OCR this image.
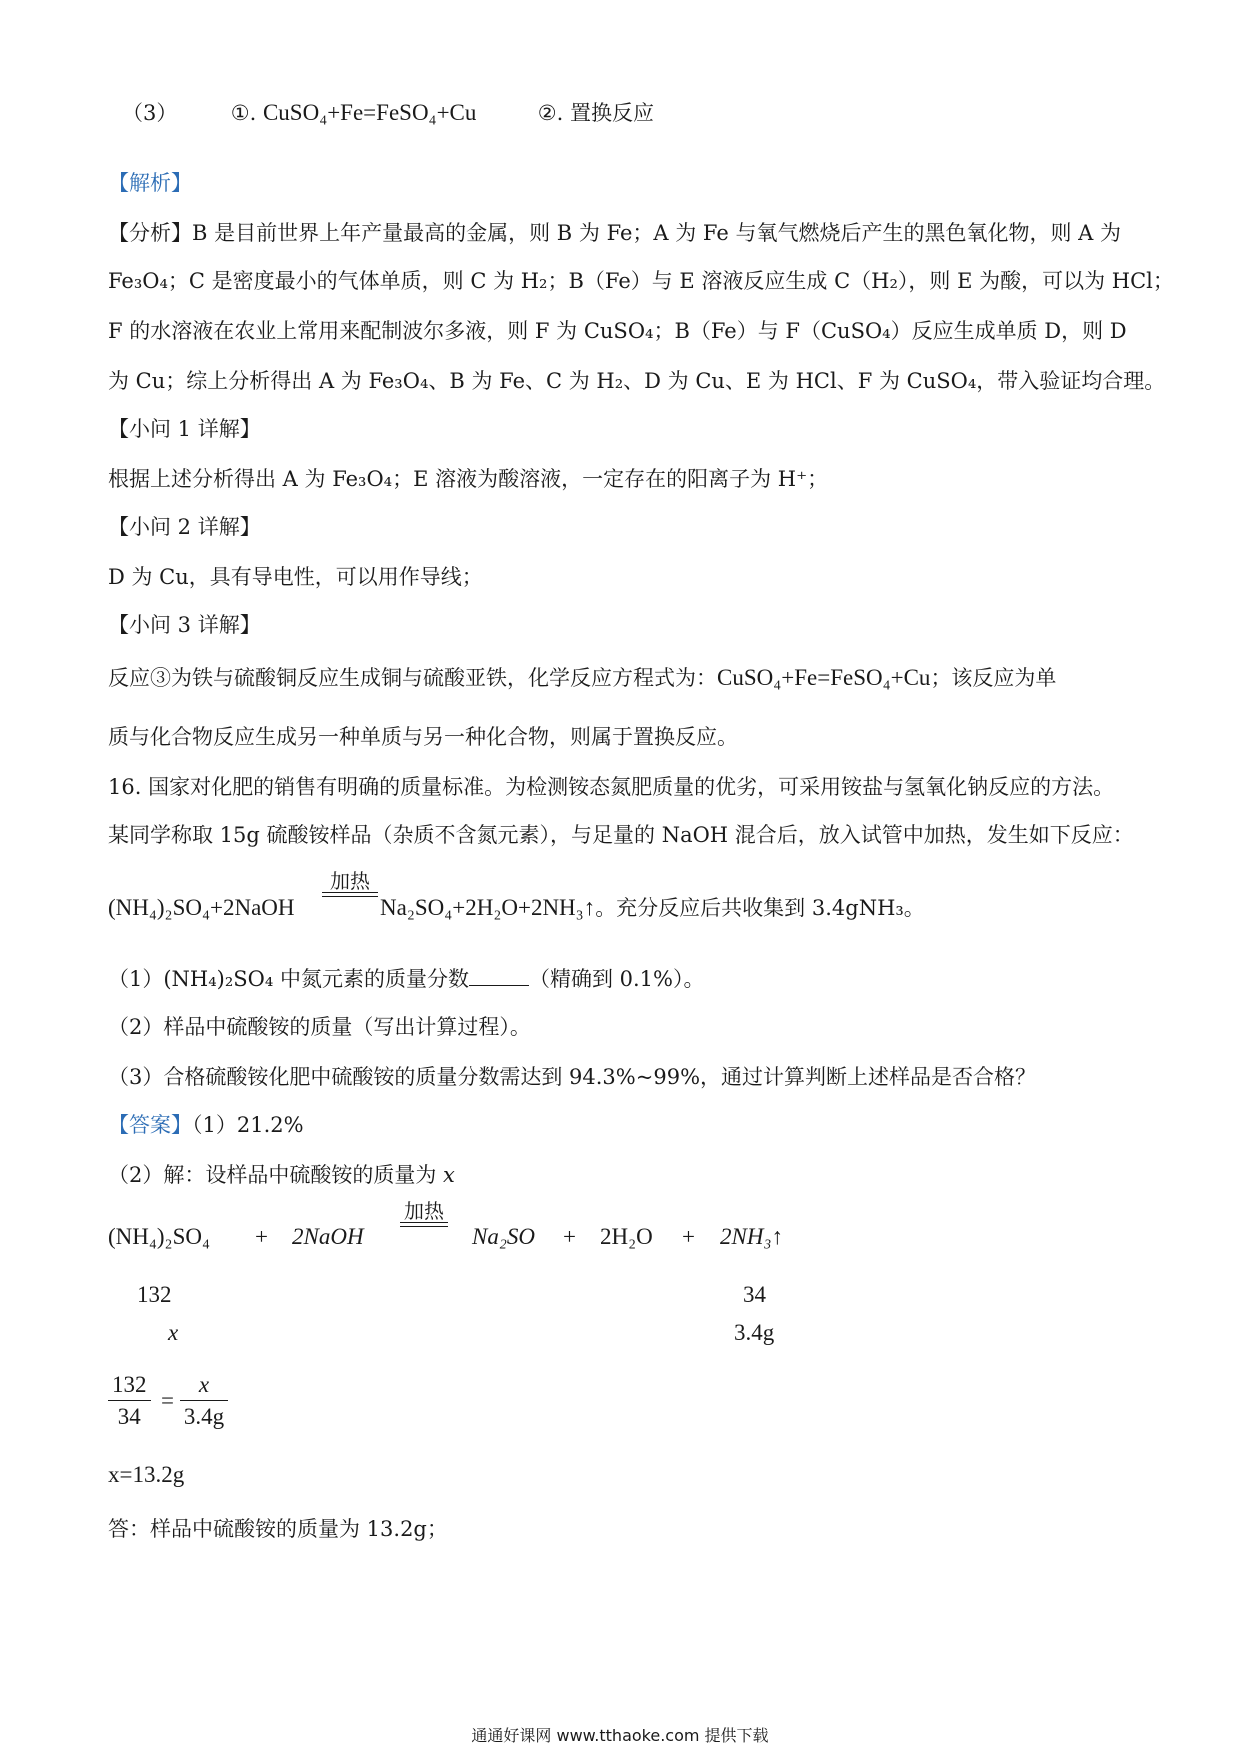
（3）	①. CuSO₄+Fe=FeSO₄+Cu	②. 置换反应
【解析】
【分析】B 是目前世界上年产量最高的金属，则 B 为 Fe；A 为 Fe 与氧气燃烧后产生的黑色氧化物，则 A 为
Fe₃O₄；C 是密度最小的气体单质，则 C 为 H₂；B（Fe）与 E 溶液反应生成 C（H₂），则 E 为酸，可以为 HCl；
F 的水溶液在农业上常用来配制波尔多液，则 F 为 CuSO₄；B（Fe）与 F（CuSO₄）反应生成单质 D，则 D
为 Cu；综上分析得出 A 为 Fe₃O₄、B 为 Fe、C 为 H₂、D 为 Cu、E 为 HCl、F 为 CuSO₄，带入验证均合理。
【小问 1 详解】
根据上述分析得出 A 为 Fe₃O₄；E 溶液为酸溶液，一定存在的阳离子为 H⁺；
【小问 2 详解】
D 为 Cu，具有导电性，可以用作导线；
【小问 3 详解】
反应③为铁与硫酸铜反应生成铜与硫酸亚铁，化学反应方程式为：CuSO₄+Fe=FeSO₄+Cu；该反应为单
质与化合物反应生成另一种单质与另一种化合物，则属于置换反应。
16. 国家对化肥的销售有明确的质量标准。为检测铵态氮肥质量的优劣，可采用铵盐与氢氧化钠反应的方法。
某同学称取 15g 硫酸铵样品（杂质不含氮元素），与足量的 NaOH 混合后，放入试管中加热，发生如下反应：
(NH₄)₂SO₄+2NaOH
加热
Na₂SO₄+2H₂O+2NH₃↑。充分反应后共收集到 3.4gNH₃。
（1）(NH₄)₂SO₄ 中氮元素的质量分数	（精确到 0.1%）。
（2）样品中硫酸铵的质量（写出计算过程）。
（3）合格硫酸铵化肥中硫酸铵的质量分数需达到 94.3%~99%，通过计算判断上述样品是否合格？
【答案】（1）21.2%
（2）解：设样品中硫酸铵的质量为 x
(NH₄)₂SO₄ + 2NaOH
加热
Na₂SO + 2H₂O + 2NH₃↑
132
x
34
3.4g
$\frac{132}{34} = \frac{x}{3.4g}$
x=13.2g
答：样品中硫酸铵的质量为 13.2g；
通通好课网 www.tthaoke.com 提供下载
